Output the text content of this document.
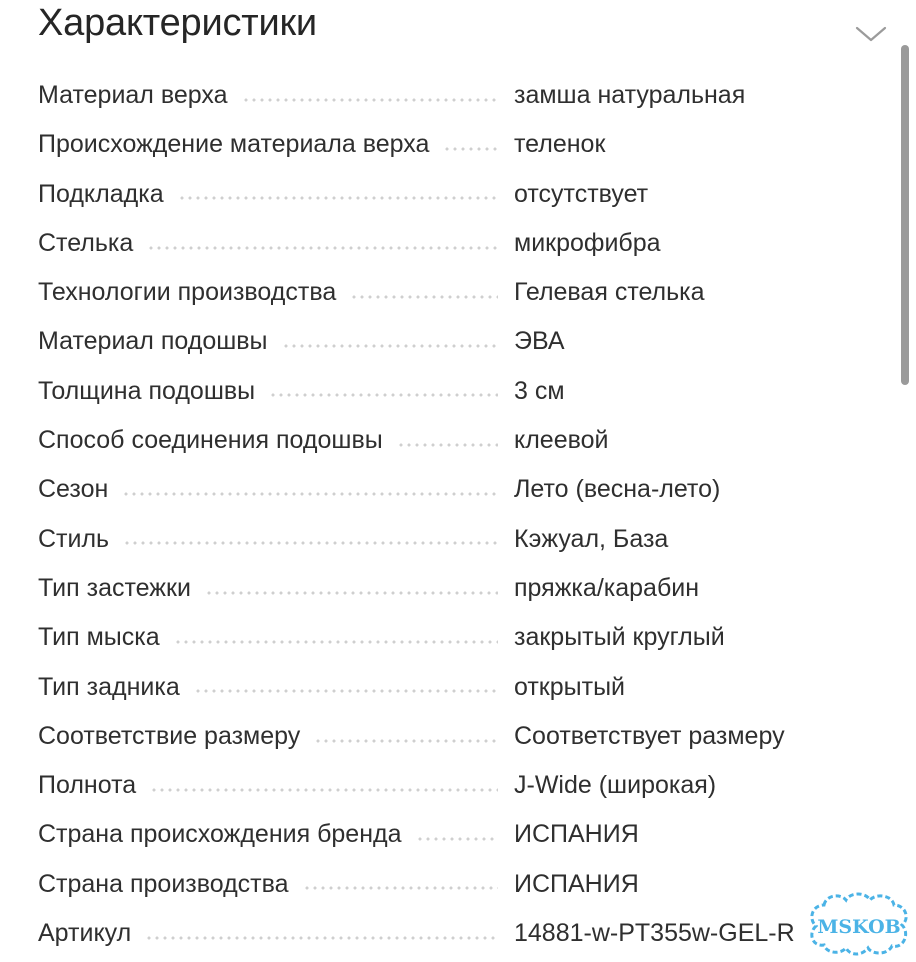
Характеристики
Материал верха	замша натуральная
Происхождение материала верха	теленок
Подкладка	отсутствует
Стелька	микрофибра
Технологии производства	Гелевая стелька
Материал подошвы	ЭВА
Толщина подошвы	3 см
Способ соединения подошвы	клеевой
Сезон	Лето (весна-лето)
Стиль	Кэжуал, База
Тип застежки	пряжка/карабин
Тип мыска	закрытый круглый
Тип задника	открытый
Соответствие размеру	Соответствует размеру
Полнота	J-Wide (широкая)
Страна происхождения бренда	ИСПАНИЯ
Страна производства	ИСПАНИЯ
Артикул	14881-w-PT355w-GEL-R	MSKOB
